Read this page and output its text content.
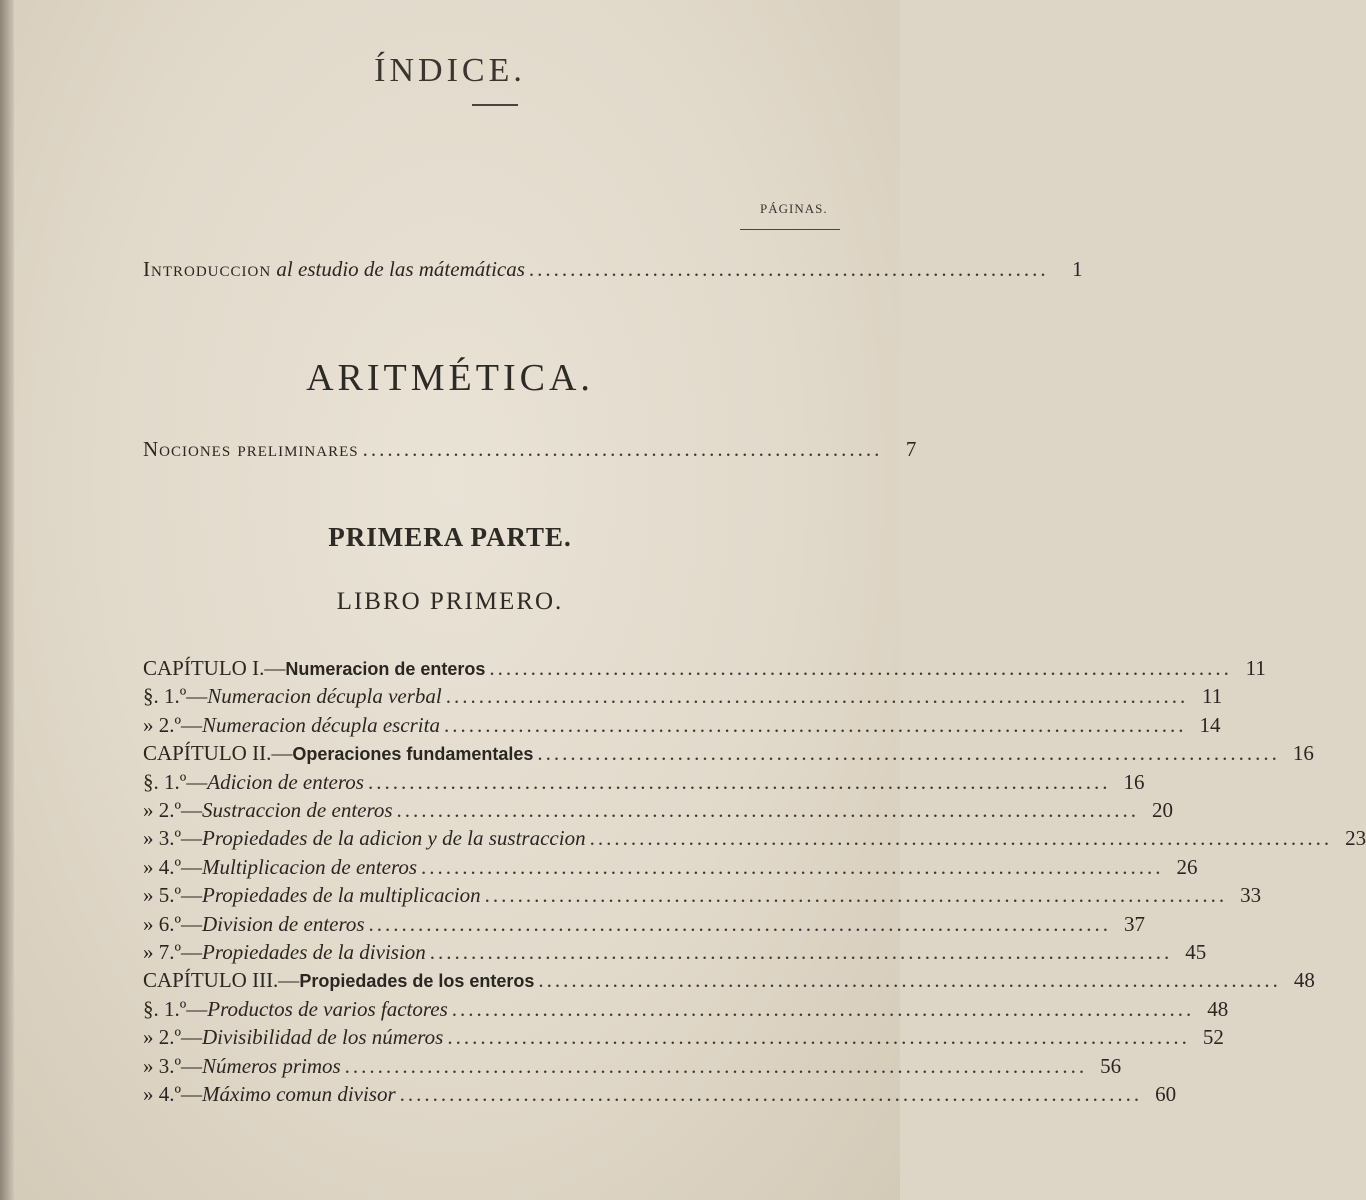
ÍNDICE.
PÁGINAS.
Introduccion al estudio de las mátemáticas ...............................................................	1
ARITMÉTICA.
Nociones preliminares ...............................................................	7
PRIMERA PARTE.
LIBRO PRIMERO.
CAPÍTULO I.—Numeracion de enteros .......................................................................................... 11
§. 1.º—Numeracion décupla verbal .......................................................................................... 11
» 2.º—Numeracion décupla escrita .......................................................................................... 14
CAPÍTULO II.—Operaciones fundamentales .......................................................................................... 16
§. 1.º—Adicion de enteros .......................................................................................... 16
» 2.º—Sustraccion de enteros .......................................................................................... 20
» 3.º—Propiedades de la adicion y de la sustraccion .......................................................................................... 23
» 4.º—Multiplicacion de enteros .......................................................................................... 26
» 5.º—Propiedades de la multiplicacion .......................................................................................... 33
» 6.º—Division de enteros .......................................................................................... 37
» 7.º—Propiedades de la division .......................................................................................... 45
CAPÍTULO III.—Propiedades de los enteros .......................................................................................... 48
§. 1.º—Productos de varios factores .......................................................................................... 48
» 2.º—Divisibilidad de los números .......................................................................................... 52
» 3.º—Números primos .......................................................................................... 56
» 4.º—Máximo comun divisor .......................................................................................... 60
